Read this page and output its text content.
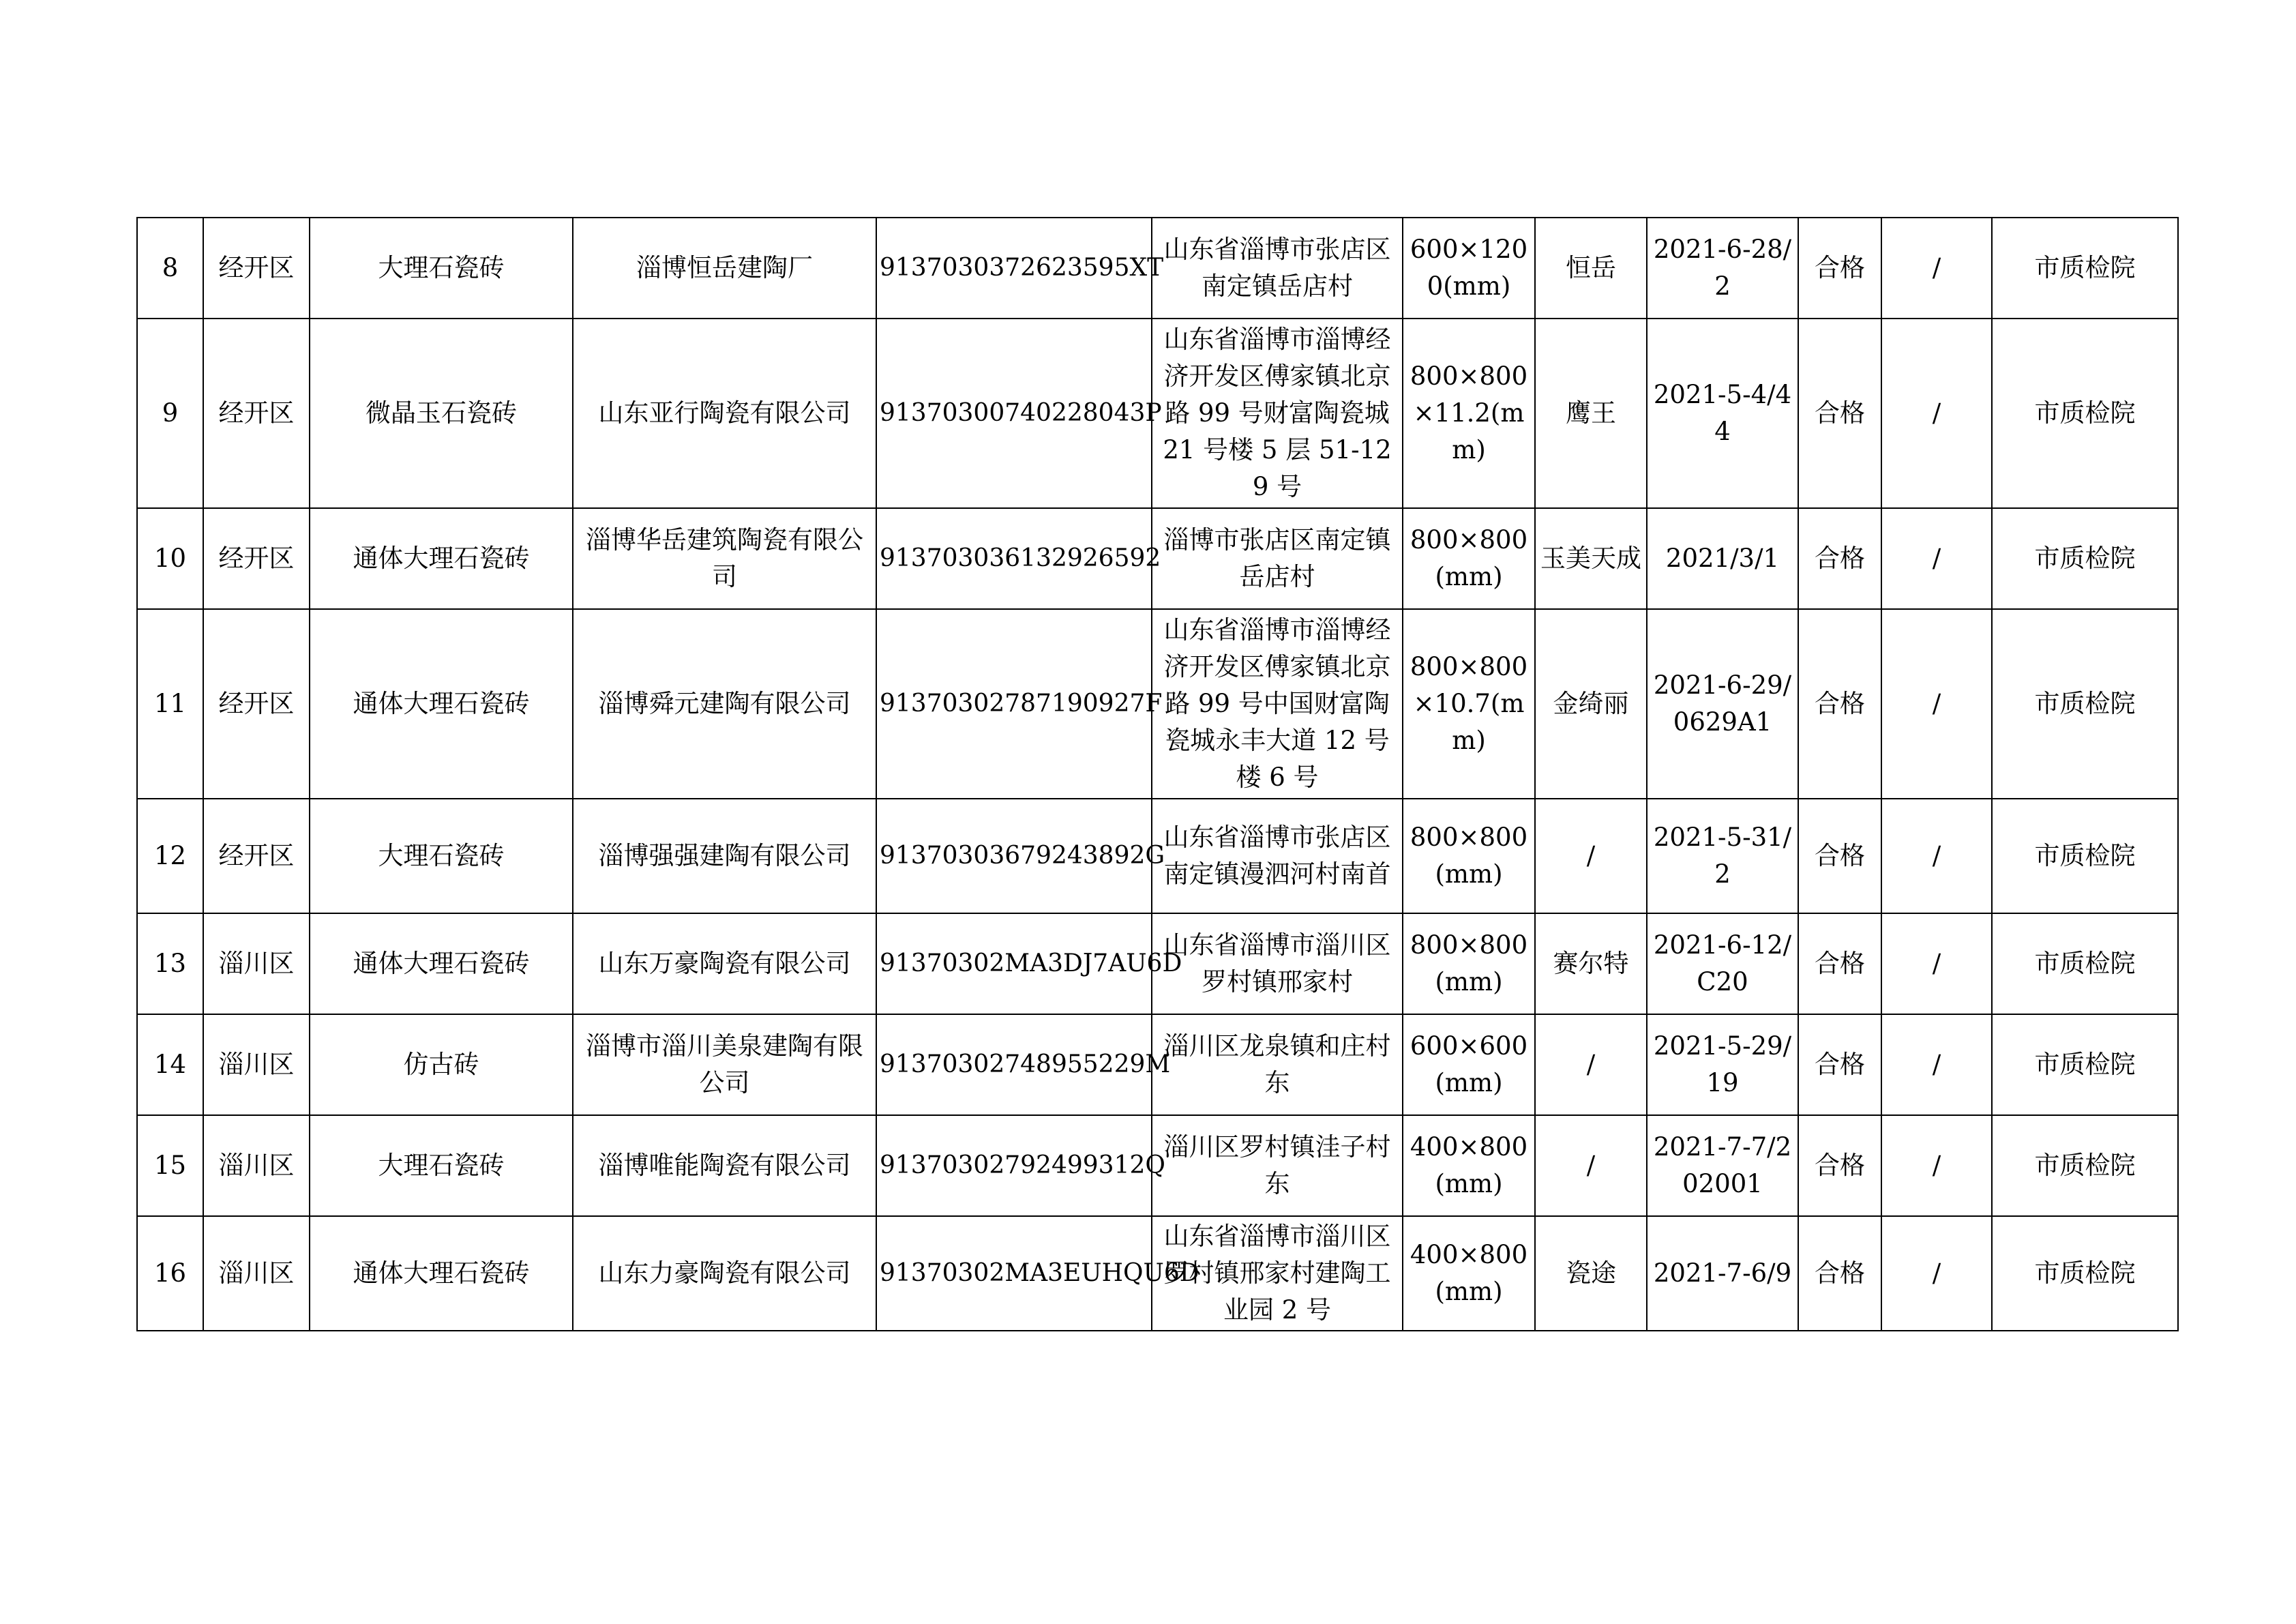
8	经开区	大理石瓷砖	淄博恒岳建陶厂	9137030372623595XT	山东省淄博市张店区南定镇岳店村	600×1200(mm)	恒岳	2021-6-28/2	合格	/	市质检院
9	经开区	微晶玉石瓷砖	山东亚行陶瓷有限公司	91370300740228043P	山东省淄博市淄博经济开发区傅家镇北京路 99 号财富陶瓷城 21 号楼 5 层 51-129 号	800×800×11.2(mm)	鹰王	2021-5-4/44	合格	/	市质检院
10	经开区	通体大理石瓷砖	淄博华岳建筑陶瓷有限公司	91370303613292659​2	淄博市张店区南定镇岳店村	800×800(mm)	玉美天成	2021/3/1	合格	/	市质检院
11	经开区	通体大理石瓷砖	淄博舜元建陶有限公司	91370302787190927F	山东省淄博市淄博经济开发区傅家镇北京路 99 号中国财富陶瓷城永丰大道 12 号楼 6 号	800×800×10.7(mm)	金绮丽	2021-6-29/0629A1	合格	/	市质检院
12	经开区	大理石瓷砖	淄博强强建陶有限公司	91370303679243892G	山东省淄博市张店区南定镇漫泗河村南首	800×800(mm)	/	2021-5-31/2	合格	/	市质检院
13	淄川区	通体大理石瓷砖	山东万豪陶瓷有限公司	91370302MA3DJ7AU6D	山东省淄博市淄川区罗村镇邢家村	800×800(mm)	赛尔特	2021-6-12/C20	合格	/	市质检院
14	淄川区	仿古砖	淄博市淄川美泉建陶有限公司	91370302748955229M	淄川区龙泉镇和庄村东	600×600(mm)	/	2021-5-29/19	合格	/	市质检院
15	淄川区	大理石瓷砖	淄博唯能陶瓷有限公司	91370302792499312Q	淄川区罗村镇洼子村东	400×800(mm)	/	2021-7-7/202001	合格	/	市质检院
16	淄川区	通体大理石瓷砖	山东力豪陶瓷有限公司	91370302MA3EUHQU6D	山东省淄博市淄川区罗村镇邢家村建陶工业园 2 号	400×800(mm)	瓷途	2021-7-6/9	合格	/	市质检院
